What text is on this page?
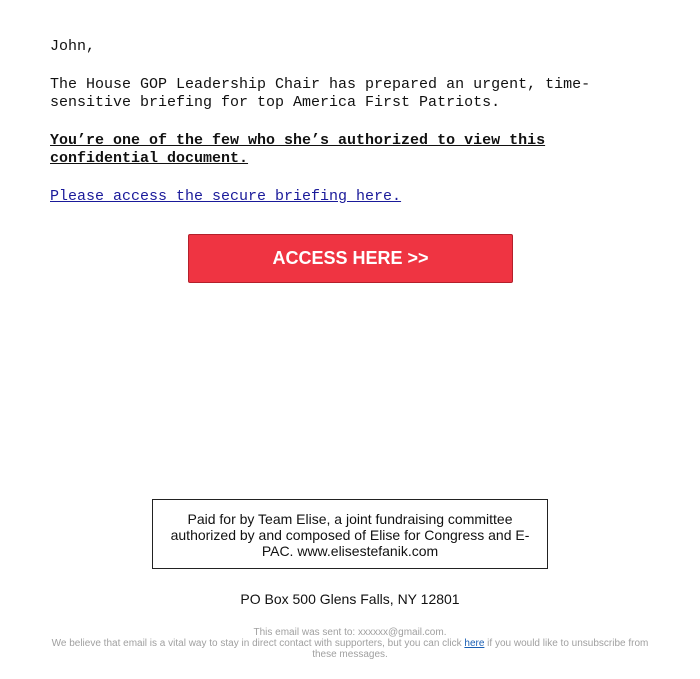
John,
The House GOP Leadership Chair has prepared an urgent, time-sensitive briefing for top America First Patriots.
You’re one of the few who she’s authorized to view this confidential document.
Please access the secure briefing here.
ACCESS HERE >>
Paid for by Team Elise, a joint fundraising committee authorized by and composed of Elise for Congress and E-PAC. www.elisestefanik.com
PO Box 500 Glens Falls, NY 12801
This email was sent to: xxxxxx@gmail.com.
We believe that email is a vital way to stay in direct contact with supporters, but you can click here if you would like to unsubscribe from these messages.
